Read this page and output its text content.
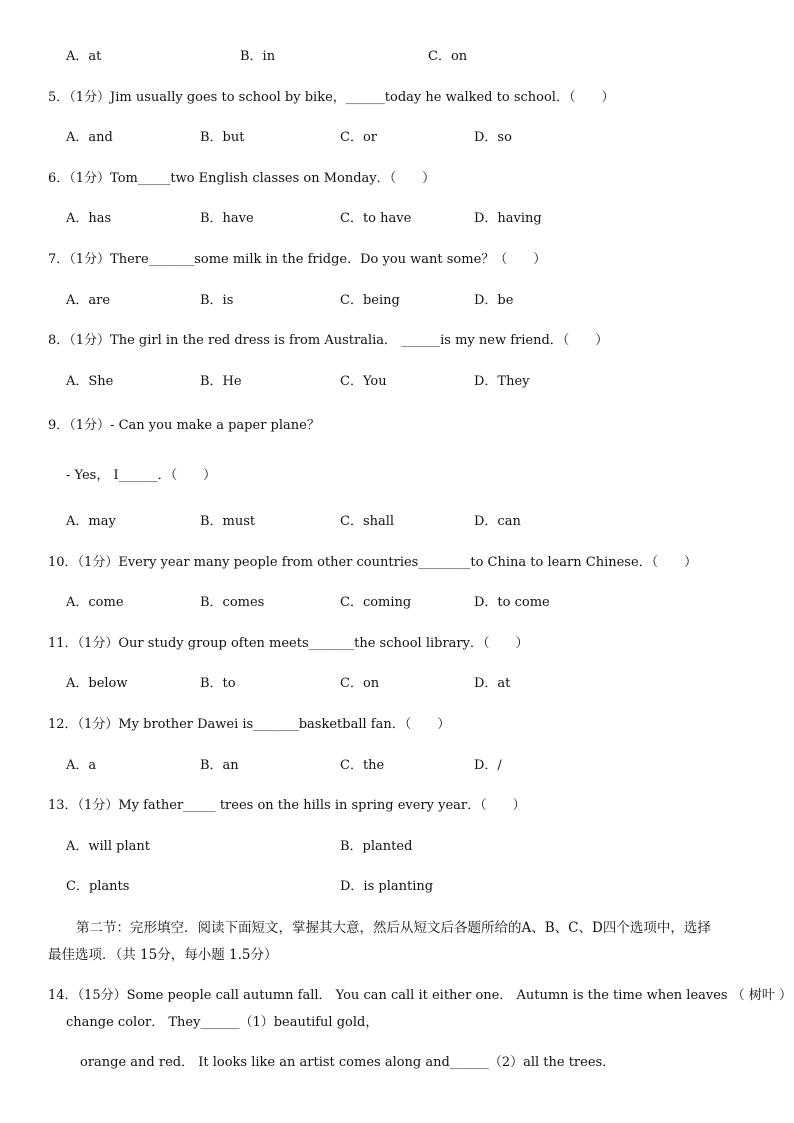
A．at	B．in	C．on
5．（1分）Jim usually goes to school by bike，______today he walked to school．（　　）
A．and	B．but	C．or	D．so
6．（1分）Tom_____two English classes on Monday．（　　）
A．has	B．have	C．to have	D．having
7．（1分）There_______some milk in the fridge．Do you want some？（　　）
A．are	B．is	C．being	D．be
8．（1分）The girl in the red dress is from Australia． ______is my new friend．（　　）
A．She	B．He	C．You	D．They
9．（1分）- Can you make a paper plane？
- Yes， I______．（　　）
A．may	B．must	C．shall	D．can
10．（1分）Every year many people from other countries________to China to learn Chinese．（　　）
A．come	B．comes	C．coming	D．to come
11．（1分）Our study group often meets_______the school library．（　　）
A．below	B．to	C．on	D．at
12．（1分）My brother Dawei is_______basketball fan．（　　）
A．a	B．an	C．the	D．/
13．（1分）My father_____ trees on the hills in spring every year．（　　）
A．will plant	B．planted
C．plants	D．is planting
第二节：完形填空．阅读下面短文，掌握其大意，然后从短文后各题所给的A、B、C、D四个选项中，选择
最佳选项．（共 15分，每小题 1.5分）
14．（15分）Some people call autumn fall． You can call it either one． Autumn is the time when leaves （ 树叶 ）
change color． They______（1）beautiful gold，
orange and red． It looks like an artist comes along and______（2）all the trees．
